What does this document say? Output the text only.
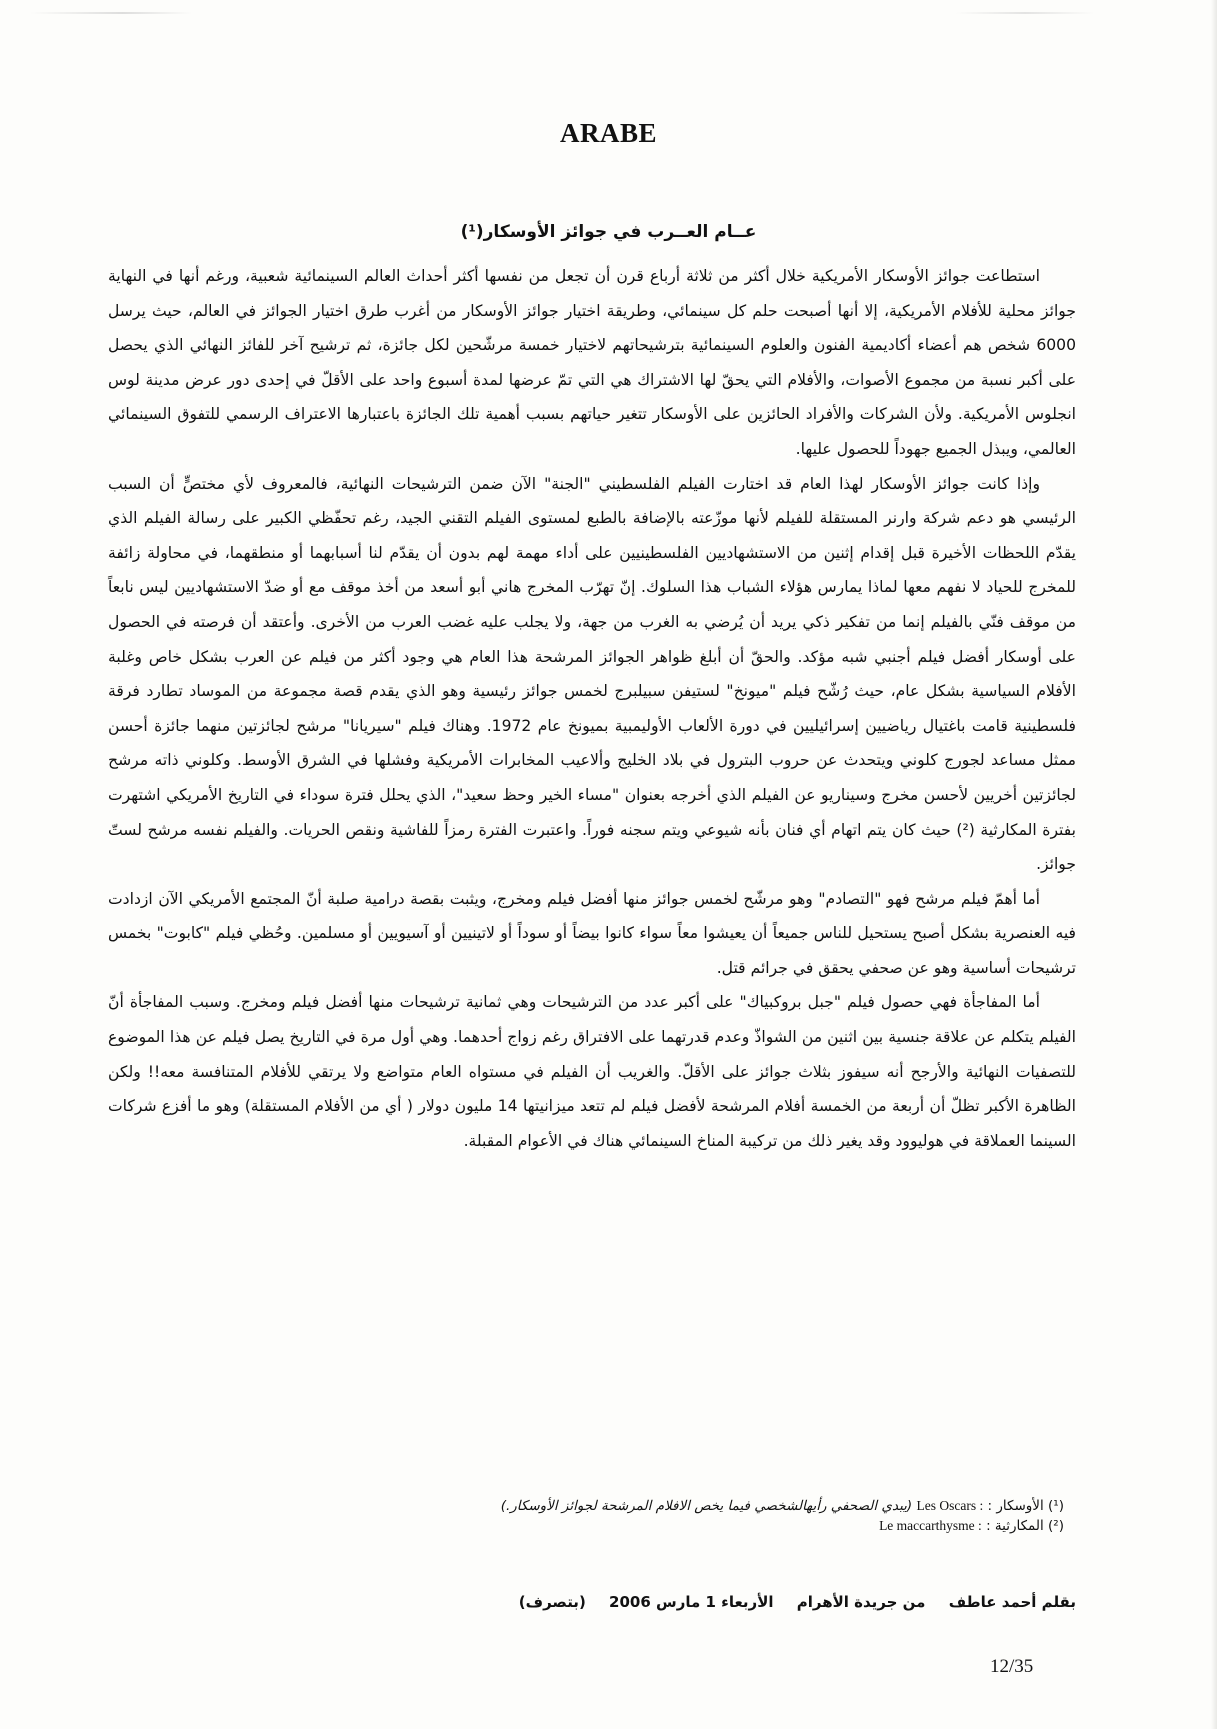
ARABE
عــام العــرب في جوائز الأوسكار(¹)

استطاعت جوائز الأوسكار الأمريكية خلال أكثر من ثلاثة أرباع قرن أن تجعل من نفسها أكثر أحداث العالم السينمائية شعبية، ورغم أنها في النهاية جوائز محلية للأفلام الأمريكية، إلا أنها أصبحت حلم كل سينمائي، وطريقة اختيار جوائز الأوسكار من أغرب طرق اختيار الجوائز في العالم، حيث يرسل 6000 شخص هم أعضاء أكاديمية الفنون والعلوم السينمائية بترشيحاتهم لاختيار خمسة مرشّحين لكل جائزة، ثم ترشيح آخر للفائز النهائي الذي يحصل على أكبر نسبة من مجموع الأصوات، والأفلام التي يحقّ لها الاشتراك هي التي تمّ عرضها لمدة أسبوع واحد على الأقلّ في إحدى دور عرض مدينة لوس انجلوس الأمريكية. ولأن الشركات والأفراد الحائزين على الأوسكار تتغير حياتهم بسبب أهمية تلك الجائزة باعتبارها الاعتراف الرسمي للتفوق السينمائي العالمي، ويبذل الجميع جهوداً للحصول عليها.

وإذا كانت جوائز الأوسكار لهذا العام قد اختارت الفيلم الفلسطيني "الجنة" الآن ضمن الترشيحات النهائية، فالمعروف لأي مختصٍّ أن السبب الرئيسي هو دعم شركة وارنر المستقلة للفيلم لأنها موزّعته بالإضافة بالطبع لمستوى الفيلم التقني الجيد، رغم تحفّظي الكبير على رسالة الفيلم الذي يقدّم اللحظات الأخيرة قبل إقدام إثنين من الاستشهاديين الفلسطينيين على أداء مهمة لهم بدون أن يقدّم لنا أسبابهما أو منطقهما، في محاولة زائفة للمخرج للحياد لا نفهم معها لماذا يمارس هؤلاء الشباب هذا السلوك. إنّ تهرّب المخرج هاني أبو أسعد من أخذ موقف مع أو ضدّ الاستشهاديين ليس نابعاً من موقف فنّي بالفيلم إنما من تفكير ذكي يريد أن يُرضي به الغرب من جهة، ولا يجلب عليه غضب العرب من الأخرى. وأعتقد أن فرصته في الحصول على أوسكار أفضل فيلم أجنبي شبه مؤكد. والحقّ أن أبلغ ظواهر الجوائز المرشحة هذا العام هي وجود أكثر من فيلم عن العرب بشكل خاص وغلبة الأفلام السياسية بشكل عام، حيث رُشّح فيلم "ميونخ" لستيفن سبيلبرج لخمس جوائز رئيسية وهو الذي يقدم قصة مجموعة من الموساد تطارد فرقة فلسطينية قامت باغتيال رياضيين إسرائيليين في دورة الألعاب الأوليمبية بميونخ عام 1972. وهناك فيلم "سيريانا" مرشح لجائزتين منهما جائزة أحسن ممثل مساعد لجورج كلوني ويتحدث عن حروب البترول في بلاد الخليج وألاعيب المخابرات الأمريكية وفشلها في الشرق الأوسط. وكلوني ذاته مرشح لجائزتين أخريين لأحسن مخرج وسيناريو عن الفيلم الذي أخرجه بعنوان "مساء الخير وحظ سعيد"، الذي يحلل فترة سوداء في التاريخ الأمريكي اشتهرت بفترة المكارثية (²) حيث كان يتم اتهام أي فنان بأنه شيوعي ويتم سجنه فوراً. واعتبرت الفترة رمزاً للفاشية ونقص الحريات. والفيلم نفسه مرشح لستّ جوائز.

أما أهمّ فيلم مرشح فهو "التصادم" وهو مرشّح لخمس جوائز منها أفضل فيلم ومخرج، ويثبت بقصة درامية صلبة أنّ المجتمع الأمريكي الآن ازدادت فيه العنصرية بشكل أصبح يستحيل للناس جميعاً أن يعيشوا معاً سواء كانوا بيضاً أو سوداً أو لاتينيين أو آسيويين أو مسلمين. وحُظي فيلم "كابوت" بخمس ترشيحات أساسية وهو عن صحفي يحقق في جرائم قتل.

أما المفاجأة فهي حصول فيلم "جبل بروكبياك" على أكبر عدد من الترشيحات وهي ثمانية ترشيحات منها أفضل فيلم ومخرج. وسبب المفاجأة أنّ الفيلم يتكلم عن علاقة جنسية بين اثنين من الشواذّ وعدم قدرتهما على الافتراق رغم زواج أحدهما. وهي أول مرة في التاريخ يصل فيلم عن هذا الموضوع للتصفيات النهائية والأرجح أنه سيفوز بثلاث جوائز على الأقلّ. والغريب أن الفيلم في مستواه العام متواضع ولا يرتقي للأفلام المتنافسة معه!! ولكن الظاهرة الأكبر تظلّ أن أربعة من الخمسة أفلام المرشحة لأفضل فيلم لم تتعد ميزانيتها 14 مليون دولار ( أي من الأفلام المستقلة) وهو ما أفزع شركات السينما العملاقة في هوليوود وقد يغير ذلك من تركيبة المناخ السينمائي هناك في الأعوام المقبلة.

(¹) الأوسكار : Les Oscars : (يبدي الصحفي رأيهالشخصي فيما يخص الافلام المرشحة لجوائز الأوسكار.)
(²) المكارثية : Le maccarthysme :
بقلم أحمد عاطف من جريدة الأهرام الأربعاء 1 مارس 2006 (بتصرف)
12/35
